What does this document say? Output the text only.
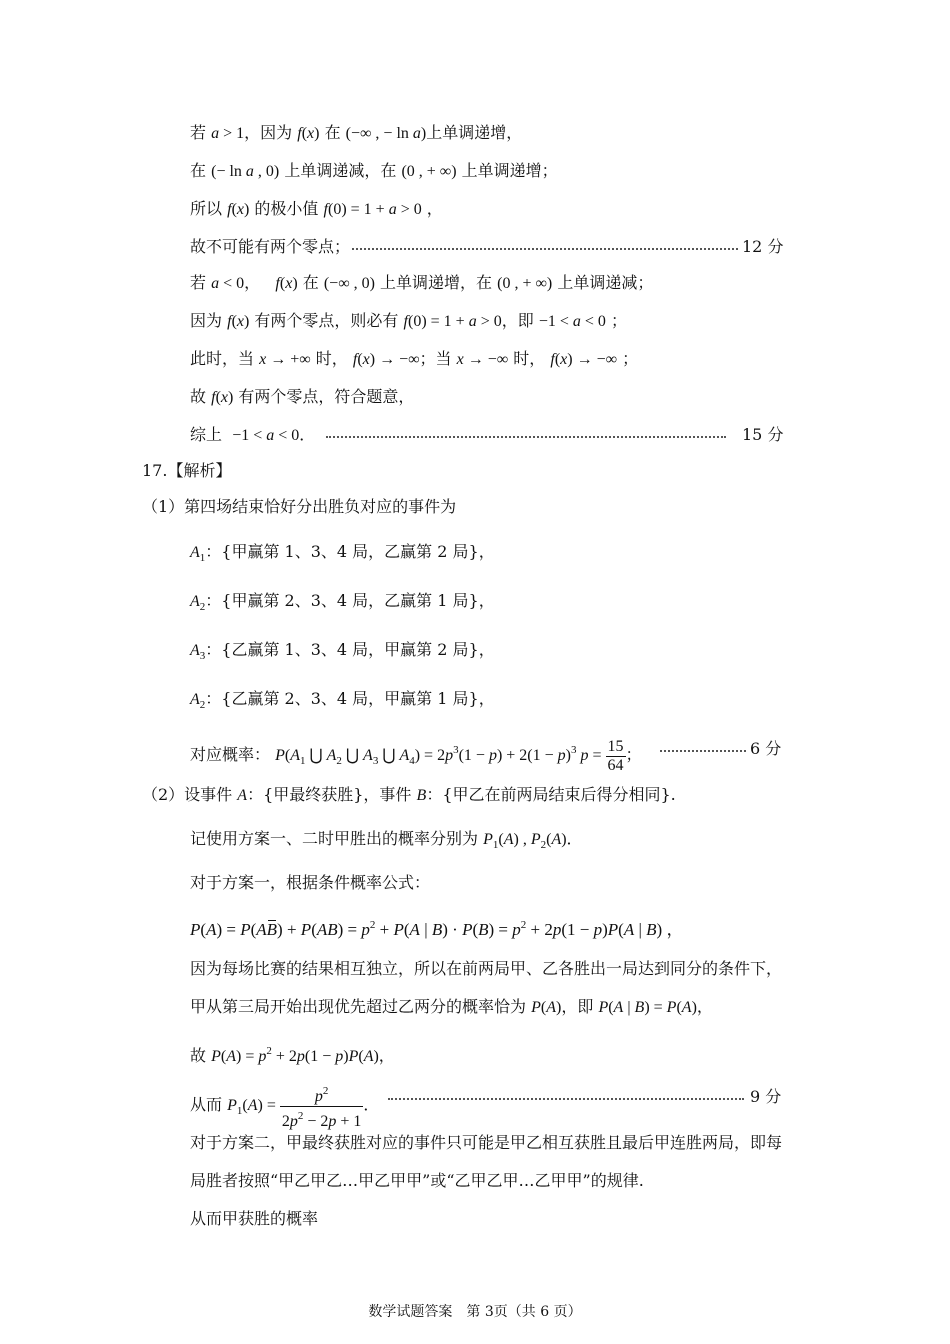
若 a > 1，因为 f(x) 在 (−∞ , − ln a)上单调递增，
在 (− ln a , 0) 上单调递减，在 (0 , + ∞) 上单调递增；
所以 f(x) 的极小值 f(0) = 1 + a > 0 ，
故不可能有两个零点；	12 分
若 a < 0， f(x) 在 (−∞ , 0) 上单调递增，在 (0 , + ∞) 上单调递减；
因为 f(x) 有两个零点，则必有 f(0) = 1 + a > 0，即 −1 < a < 0 ；
此时，当 x → +∞ 时， f(x) → −∞；当 x → −∞ 时， f(x) → −∞ ；
故 f(x) 有两个零点，符合题意，
综上 −1 < a < 0．	15 分
17.【解析】
（1）第四场结束恰好分出胜负对应的事件为
$A_1$：{甲赢第 1、3、4 局，乙赢第 2 局}，
$A_2$：{甲赢第 2、3、4 局，乙赢第 1 局}，
$A_3$：{乙赢第 1、3、4 局，甲赢第 2 局}，
$A_2$：{乙赢第 2、3、4 局，甲赢第 1 局}，
对应概率： $P(A_1$ ⋃ $A_2$ ⋃ $A_3$ ⋃ $A_4) = 2p^3(1 - p) + 2(1 - p)^3$ $p = \frac{15}{64}$ ；	6 分
（2）设事件 A：{甲最终获胜}，事件 B：{甲乙在前两局结束后得分相同}.
记使用方案一、二时甲胜出的概率分别为 $P_1(A)$ , $P_2(A)$．
对于方案一，根据条件概率公式：
$P(A) = P(AB) + P(AB) = p^2 + P(A$ | $B) \cdot P(B) = p^2 + 2p(1 - p)P(A$ | B) ，
因为每场比赛的结果相互独立，所以在前两局甲、乙各胜出一局达到同分的条件下，
甲从第三局开始出现优先超过乙两分的概率恰为 P(A)，即 P(A | B) = P(A)，
故 $P(A) = p^2 + 2p(1 - p)P(A)$，
从而 $P_1(A) = \frac{p^2}{2p^2 - 2p + 1}$ ．	9 分
对于方案二，甲最终获胜对应的事件只可能是甲乙相互获胜且最后甲连胜两局，即每
局胜者按照“甲乙甲乙…甲乙甲甲”或“乙甲乙甲…乙甲甲”的规律.
从而甲获胜的概率
数学试题答案　第 3页（共 6 页）
